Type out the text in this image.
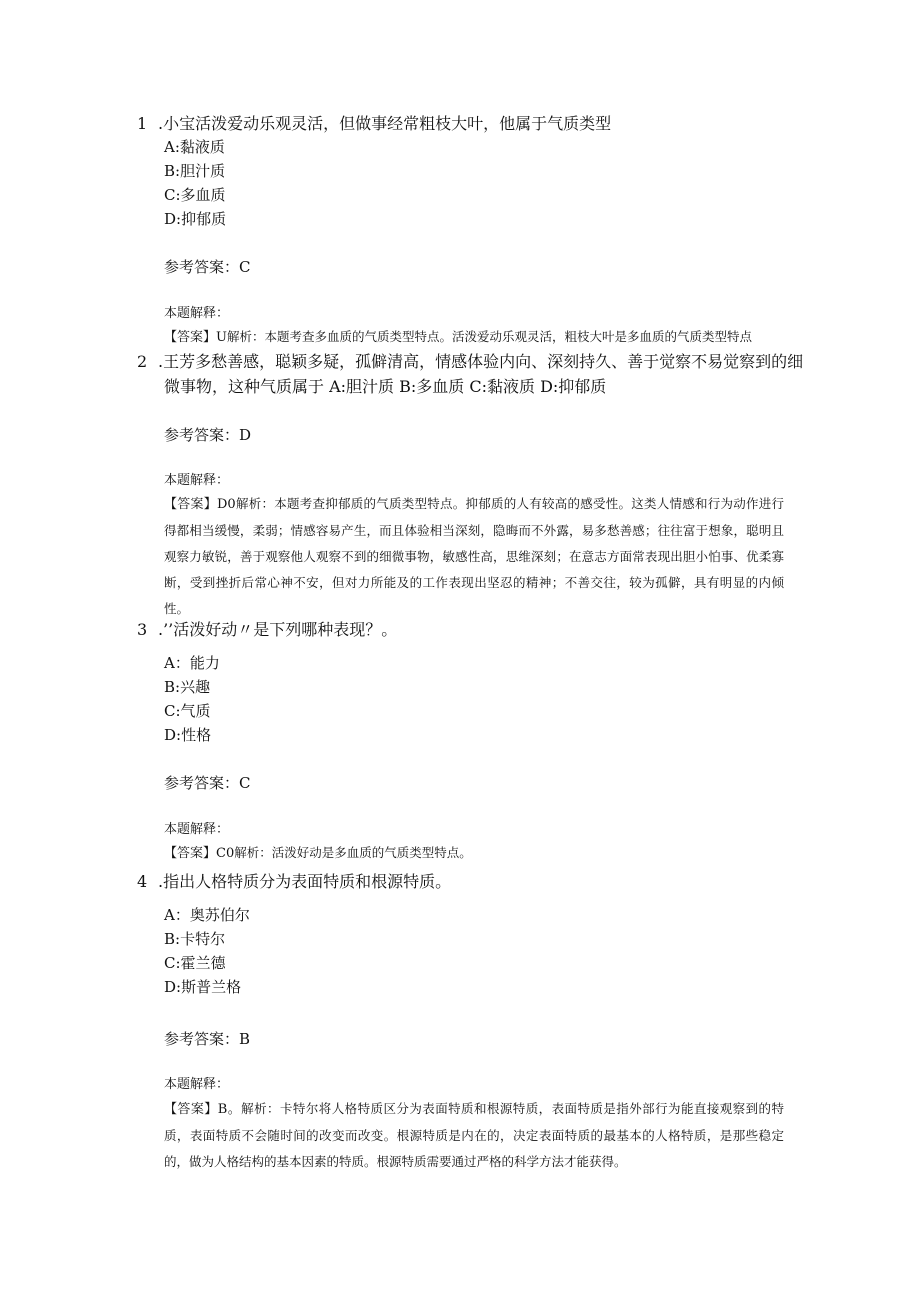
1 .小宝活泼爱动乐观灵活，但做事经常粗枝大叶，他属于气质类型
A:黏液质
B:胆汁质
C:多血质
D:抑郁质
参考答案：C
本题解释：
【答案】U解析：本题考查多血质的气质类型特点。活泼爱动乐观灵活，粗枝大叶是多血质的气质类型特点
2 .王芳多愁善感，聪颖多疑，孤僻清高，情感体验内向、深刻持久、善于觉察不易觉察到的细
微事物，这种气质属于 A:胆汁质 B:多血质 C:黏液质 D:抑郁质
参考答案：D
本题解释：
【答案】D0解析：本题考查抑郁质的气质类型特点。抑郁质的人有较高的感受性。这类人情感和行为动作进行得都相当缓慢，柔弱；情感容易产生，而且体验相当深刻，隐晦而不外露，易多愁善感；往往富于想象，聪明且观察力敏锐，善于观察他人观察不到的细微事物，敏感性高，思维深刻；在意志方面常表现出胆小怕事、优柔寡断，受到挫折后常心神不安，但对力所能及的工作表现出坚忍的精神；不善交往，较为孤僻，具有明显的内倾性。
3 .’’活泼好动〃是下列哪种表现？。
A：能力
B:兴趣
C:气质
D:性格
参考答案：C
本题解释：
【答案】C0解析：活泼好动是多血质的气质类型特点。
4 .指出人格特质分为表面特质和根源特质。
A：奥苏伯尔
B:卡特尔
C:霍兰德
D:斯普兰格
参考答案：B
本题解释：
【答案】B。解析：卡特尔将人格特质区分为表面特质和根源特质，表面特质是指外部行为能直接观察到的特质，表面特质不会随时间的改变而改变。根源特质是内在的，决定表面特质的最基本的人格特质，是那些稳定的，做为人格结构的基本因素的特质。根源特质需要通过严格的科学方法才能获得。
